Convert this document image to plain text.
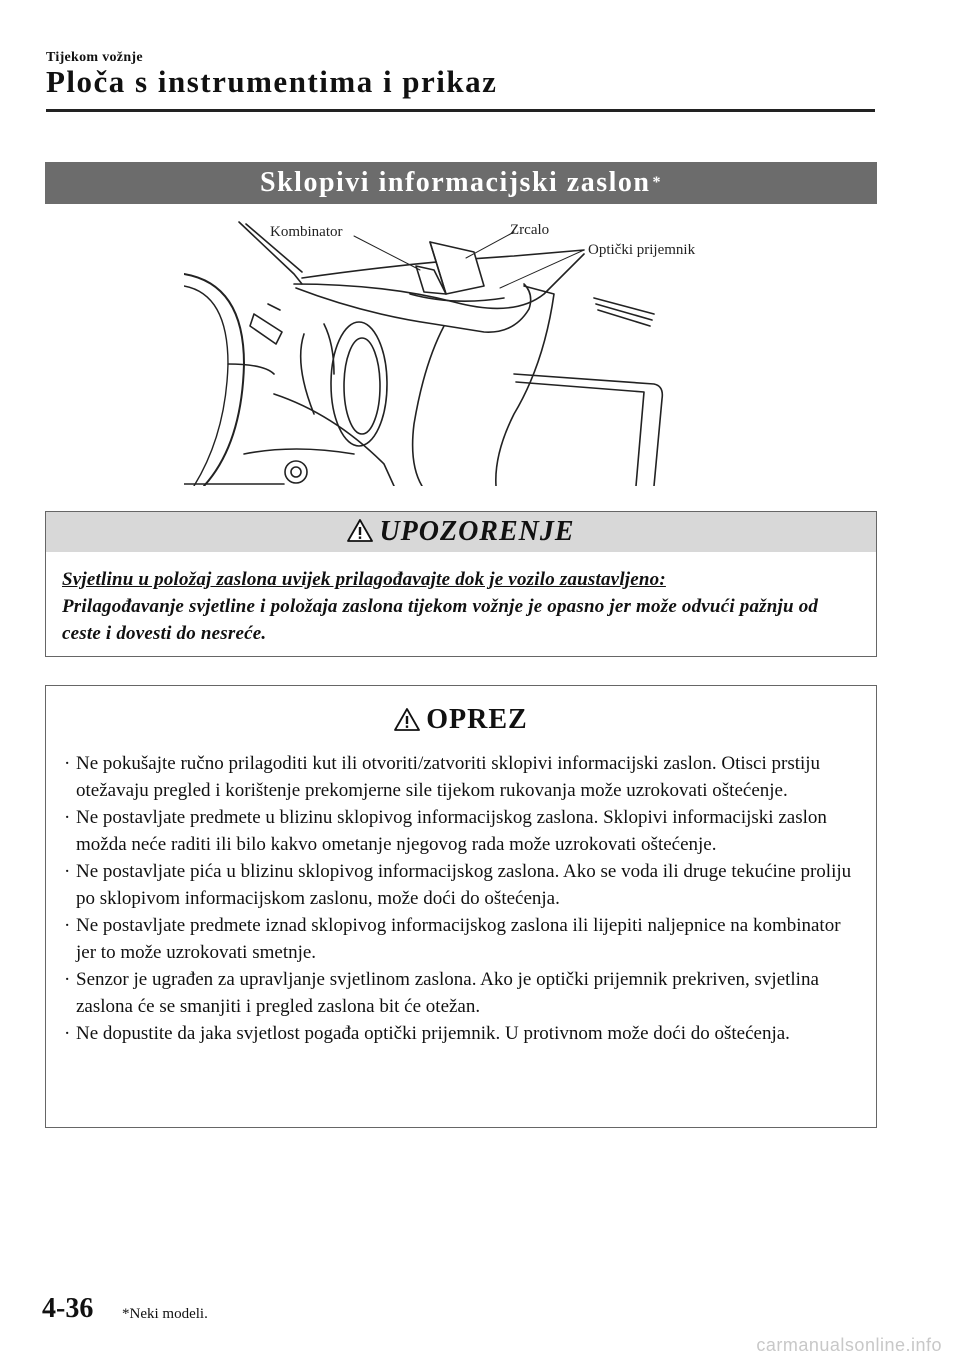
Tijekom vožnje
Ploča s instrumentima i prikaz
Sklopivi informacijski zaslon *
Kombinator	Zrcalo
Optički prijemnik
UPOZORENJE
Svjetlinu u položaj zaslona uvijek prilagođavajte dok je vozilo zaustavljeno:
Prilagođavanje svjetline i položaja zaslona tijekom vožnje je opasno jer može odvući pažnju od ceste i dovesti do nesreće.
OPREZ
· Ne pokušajte ručno prilagoditi kut ili otvoriti/zatvoriti sklopivi informacijski zaslon. Otisci prstiju otežavaju pregled i korištenje prekomjerne sile tijekom rukovanja može uzrokovati oštećenje.
· Ne postavljate predmete u blizinu sklopivog informacijskog zaslona. Sklopivi informacijski zaslon možda neće raditi ili bilo kakvo ometanje njegovog rada može uzrokovati oštećenje.
· Ne postavljate pića u blizinu sklopivog informacijskog zaslona. Ako se voda ili druge tekućine proliju po sklopivom informacijskom zaslonu, može doći do oštećenja.
· Ne postavljate predmete iznad sklopivog informacijskog zaslona ili lijepiti naljepnice na kombinator jer to može uzrokovati smetnje.
· Senzor je ugrađen za upravljanje svjetlinom zaslona. Ako je optički prijemnik prekriven, svjetlina zaslona će se smanjiti i pregled zaslona bit će otežan.
· Ne dopustite da jaka svjetlost pogađa optički prijemnik. U protivnom može doći do oštećenja.
4-36 *Neki modeli.
carmanualsonline.info
